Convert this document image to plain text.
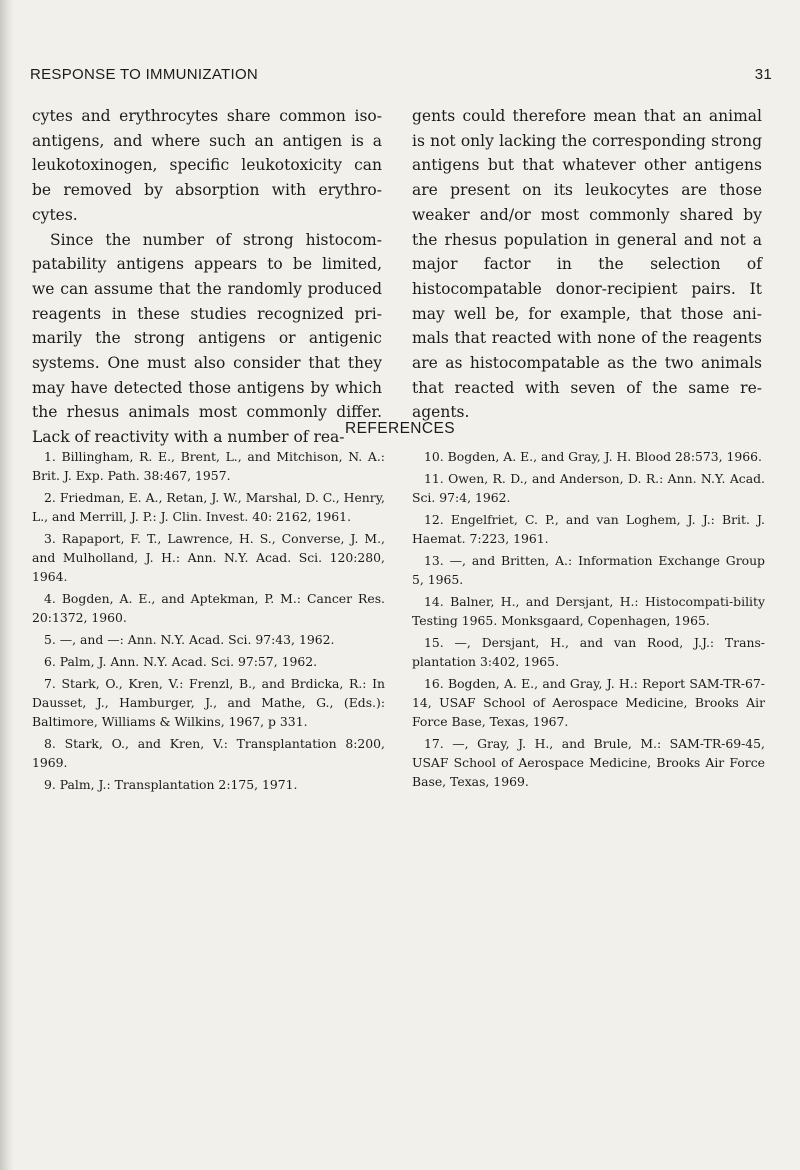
RESPONSE TO IMMUNIZATION	31

cytes and erythrocytes share common iso-antigens, and where such an antigen is a leukotoxinogen, specific leukotoxicity can be removed by absorption with erythro-cytes.

Since the number of strong histocom-patability antigens appears to be limited, we can assume that the randomly produced reagents in these studies recognized pri-marily the strong antigens or antigenic systems. One must also consider that they may have detected those antigens by which the rhesus animals most commonly differ. Lack of reactivity with a number of rea-

gents could therefore mean that an animal is not only lacking the corresponding strong antigens but that whatever other antigens are present on its leukocytes are those weaker and/or most commonly shared by the rhesus population in general and not a major factor in the selection of histocompatable donor-recipient pairs. It may well be, for example, that those ani-mals that reacted with none of the reagents are as histocompatable as the two animals that reacted with seven of the same re-agents.

REFERENCES
1. Billingham, R. E., Brent, L., and Mitchison, N. A.: Brit. J. Exp. Path. 38:467, 1957.
2. Friedman, E. A., Retan, J. W., Marshal, D. C., Henry, L., and Merrill, J. P.: J. Clin. Invest. 40: 2162, 1961.
3. Rapaport, F. T., Lawrence, H. S., Converse, J. M., and Mulholland, J. H.: Ann. N.Y. Acad. Sci. 120:280, 1964.
4. Bogden, A. E., and Aptekman, P. M.: Cancer Res. 20:1372, 1960.
5. —, and —: Ann. N.Y. Acad. Sci. 97:43, 1962.
6. Palm, J. Ann. N.Y. Acad. Sci. 97:57, 1962.
7. Stark, O., Kren, V.: Frenzl, B., and Brdicka, R.: In Dausset, J., Hamburger, J., and Mathe, G., (Eds.): Baltimore, Williams & Wilkins, 1967, p 331.
8. Stark, O., and Kren, V.: Transplantation 8:200, 1969.
9. Palm, J.: Transplantation 2:175, 1971.
10. Bogden, A. E., and Gray, J. H. Blood 28:573, 1966.
11. Owen, R. D., and Anderson, D. R.: Ann. N.Y. Acad. Sci. 97:4, 1962.
12. Engelfriet, C. P., and van Loghem, J. J.: Brit. J. Haemat. 7:223, 1961.
13. —, and Britten, A.: Information Exchange Group 5, 1965.
14. Balner, H., and Dersjant, H.: Histocompati-bility Testing 1965. Monksgaard, Copenhagen, 1965.
15. —, Dersjant, H., and van Rood, J.J.: Trans-plantation 3:402, 1965.
16. Bogden, A. E., and Gray, J. H.: Report SAM-TR-67-14, USAF School of Aerospace Medicine, Brooks Air Force Base, Texas, 1967.
17. —, Gray, J. H., and Brule, M.: SAM-TR-69-45, USAF School of Aerospace Medicine, Brooks Air Force Base, Texas, 1969.
